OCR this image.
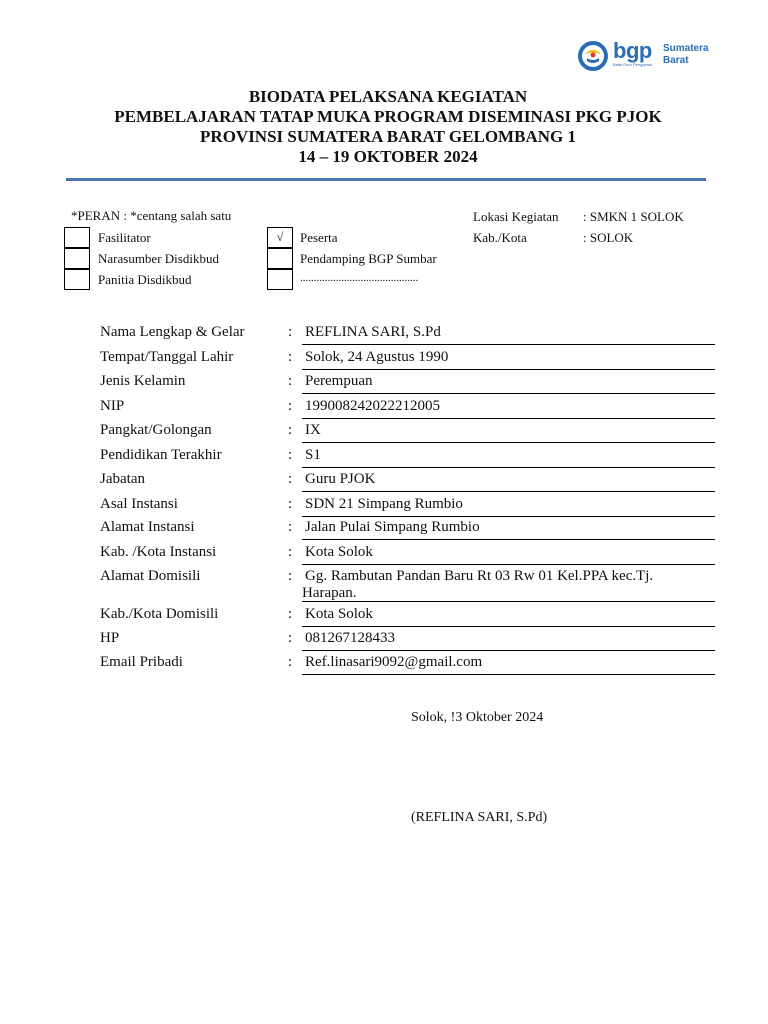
bgp
Balai Guru Penggerak
Sumatera
Barat
BIODATA PELAKSANA KEGIATAN
PEMBELAJARAN TATAP MUKA PROGRAM DISEMINASI PKG PJOK
PROVINSI SUMATERA BARAT GELOMBANG 1
14 – 19 OKTOBER 2024
*PERAN : *centang salah satu
Fasilitator
Narasumber Disdikbud
Panitia Disdikbud
√	Peserta
Pendamping BGP Sumbar
...........................................
Lokasi Kegiatan : SMKN 1 SOLOK
Kab./Kota	: SOLOK
Nama Lengkap & Gelar	: REFLINA SARI, S.Pd
Tempat/Tanggal Lahir	: Solok, 24 Agustus 1990
Jenis Kelamin	: Perempuan
NIP	: 199008242022212005
Pangkat/Golongan	: IX
Pendidikan Terakhir	: S1
Jabatan	: Guru PJOK
Asal Instansi	: SDN 21 Simpang Rumbio
Alamat Instansi	: Jalan Pulai Simpang Rumbio
Kab. /Kota Instansi	: Kota Solok
Alamat Domisili	: Gg. Rambutan Pandan Baru Rt 03 Rw 01 Kel.PPA kec.Tj. Harapan.
Kab./Kota Domisili	: Kota Solok
HP	: 081267128433
Email Pribadi	: Ref.linasari9092@gmail.com
Solok, !3 Oktober 2024
(REFLINA SARI, S.Pd)
